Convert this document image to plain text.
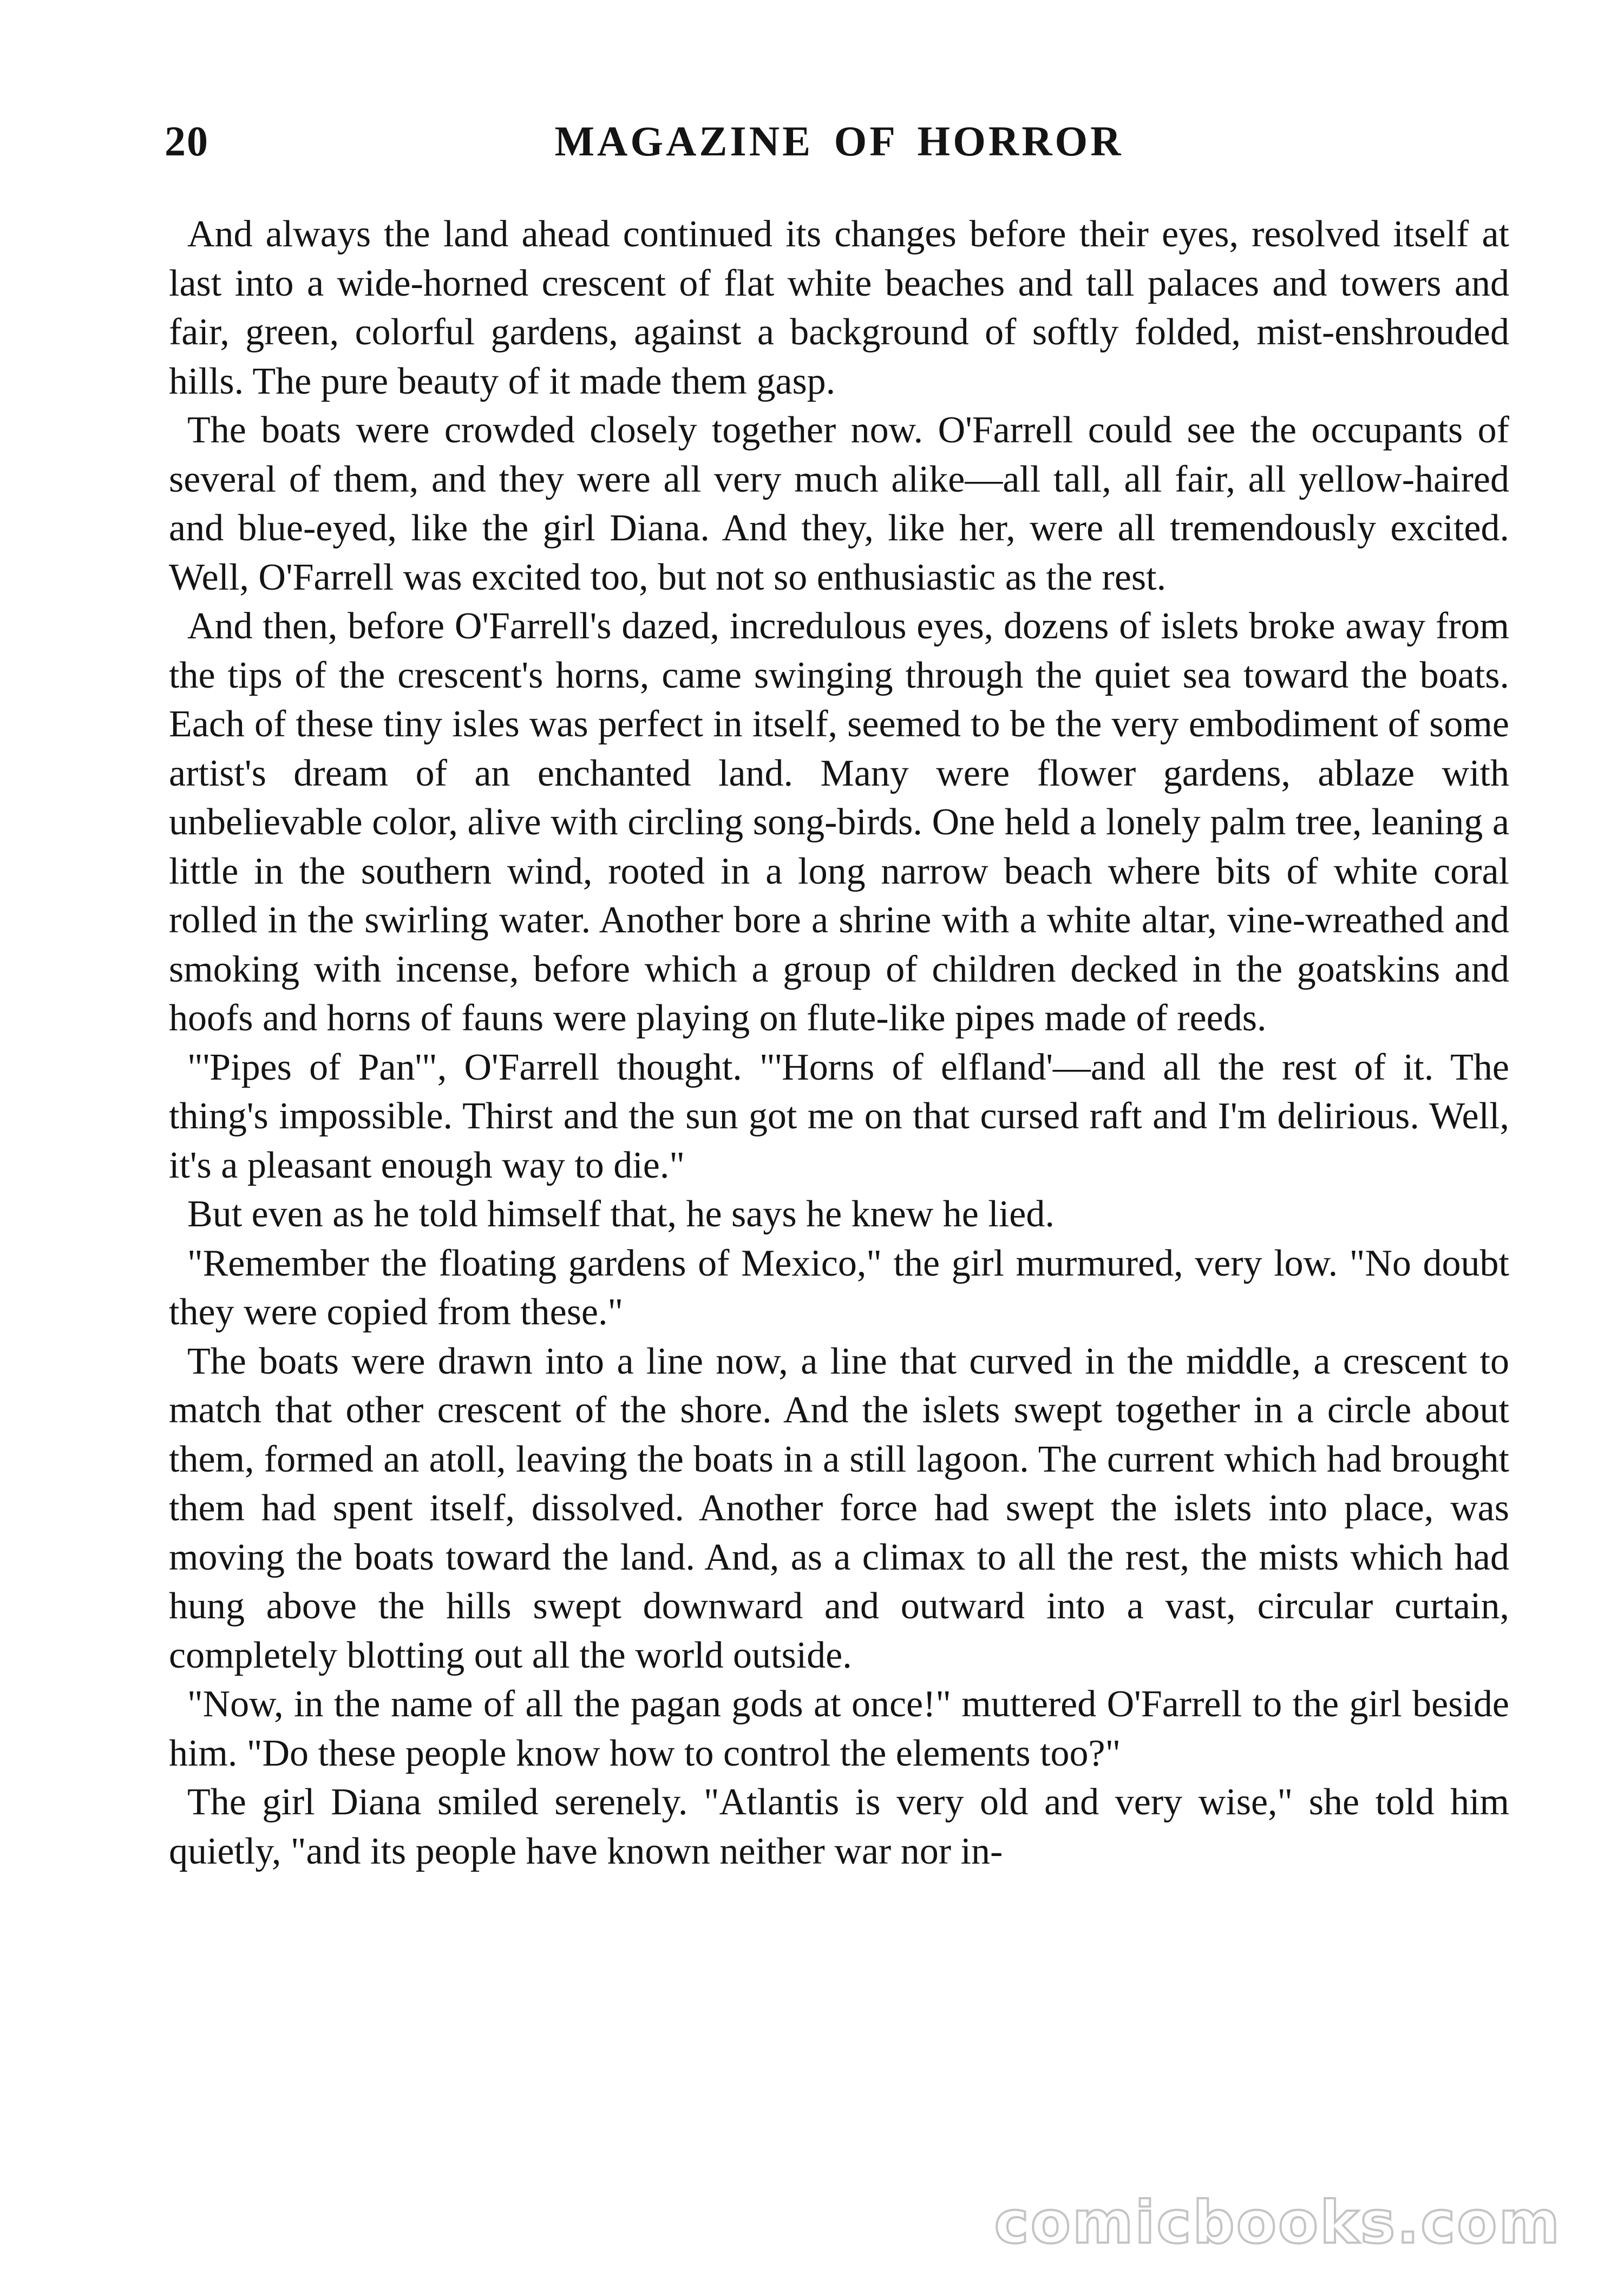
20	MAGAZINE OF HORROR

And always the land ahead continued its changes before their eyes, resolved itself at last into a wide-horned crescent of flat white beaches and tall palaces and towers and fair, green, colorful gardens, against a background of softly folded, mist-enshrouded hills. The pure beauty of it made them gasp.

The boats were crowded closely together now. O'Farrell could see the occupants of several of them, and they were all very much alike—all tall, all fair, all yellow-haired and blue-eyed, like the girl Diana. And they, like her, were all tremendously excited. Well, O'Farrell was excited too, but not so enthusiastic as the rest.

And then, before O'Farrell's dazed, incredulous eyes, dozens of islets broke away from the tips of the crescent's horns, came swinging through the quiet sea toward the boats. Each of these tiny isles was perfect in itself, seemed to be the very embodiment of some artist's dream of an enchanted land. Many were flower gardens, ablaze with unbelievable color, alive with circling song-birds. One held a lonely palm tree, leaning a little in the southern wind, rooted in a long narrow beach where bits of white coral rolled in the swirling water. Another bore a shrine with a white altar, vine-wreathed and smoking with incense, before which a group of children decked in the goatskins and hoofs and horns of fauns were playing on flute-like pipes made of reeds.

"'Pipes of Pan'", O'Farrell thought. "'Horns of elfland'—and all the rest of it. The thing's impossible. Thirst and the sun got me on that cursed raft and I'm delirious. Well, it's a pleasant enough way to die."

But even as he told himself that, he says he knew he lied.

"Remember the floating gardens of Mexico," the girl murmured, very low. "No doubt they were copied from these."

The boats were drawn into a line now, a line that curved in the middle, a crescent to match that other crescent of the shore. And the islets swept together in a circle about them, formed an atoll, leaving the boats in a still lagoon. The current which had brought them had spent itself, dissolved. Another force had swept the islets into place, was moving the boats toward the land. And, as a climax to all the rest, the mists which had hung above the hills swept downward and outward into a vast, circular curtain, completely blotting out all the world outside.

"Now, in the name of all the pagan gods at once!" muttered O'Farrell to the girl beside him. "Do these people know how to control the elements too?"

The girl Diana smiled serenely. "Atlantis is very old and very wise," she told him quietly, "and its people have known neither war nor in-

comicbooks.com
